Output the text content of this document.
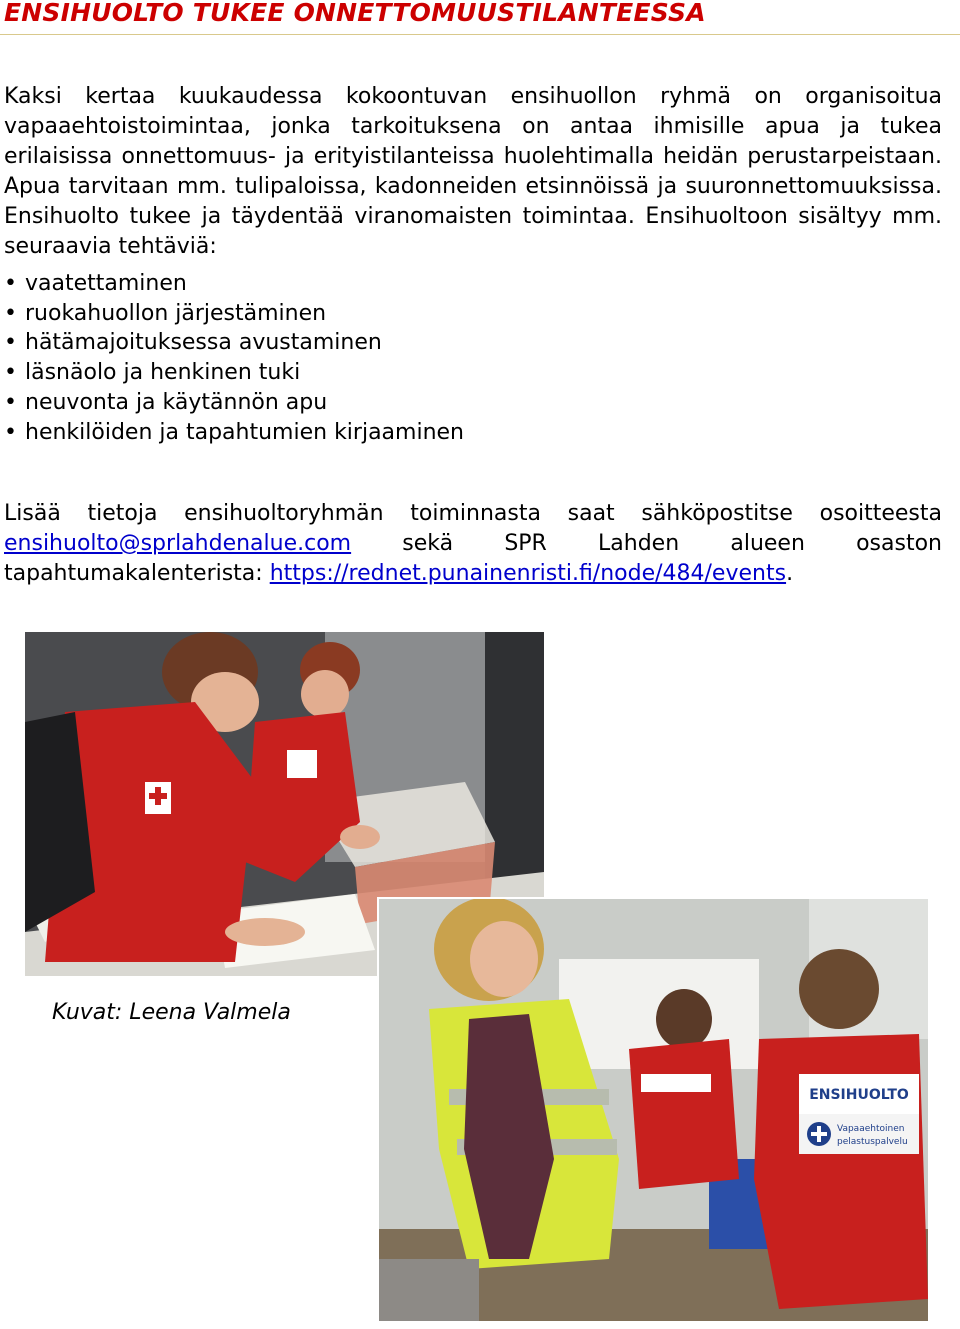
ENSIHUOLTO TUKEE ONNETTOMUUSTILANTEESSA

Kaksi kertaa kuukaudessa kokoontuvan ensihuollon ryhmä on organisoitua vapaaehtoistoimintaa, jonka tarkoituksena on antaa ihmisille apua ja tukea erilaisissa onnettomuus- ja erityistilanteissa huolehtimalla heidän perustarpeistaan. Apua tarvitaan mm. tulipaloissa, kadonneiden etsinnöissä ja suuronnettomuuksissa. Ensihuolto tukee ja täydentää viranomaisten toimintaa. Ensihuoltoon sisältyy mm. seuraavia tehtäviä:

• vaatettaminen
• ruokahuollon järjestäminen
• hätämajoituksessa avustaminen
• läsnäolo ja henkinen tuki
• neuvonta ja käytännön apu
• henkilöiden ja tapahtumien kirjaaminen

Lisää tietoja ensihuoltoryhmän toiminnasta saat sähköpostitse osoitteesta ensihuolto@sprlahdenalue.com sekä SPR Lahden alueen osaston tapahtumakalenterista: https://rednet.punainenristi.fi/node/484/events.

ENSIHUOLTO
Vapaaehtoinen
pelastuspalvelu
Kuvat: Leena Valmela
